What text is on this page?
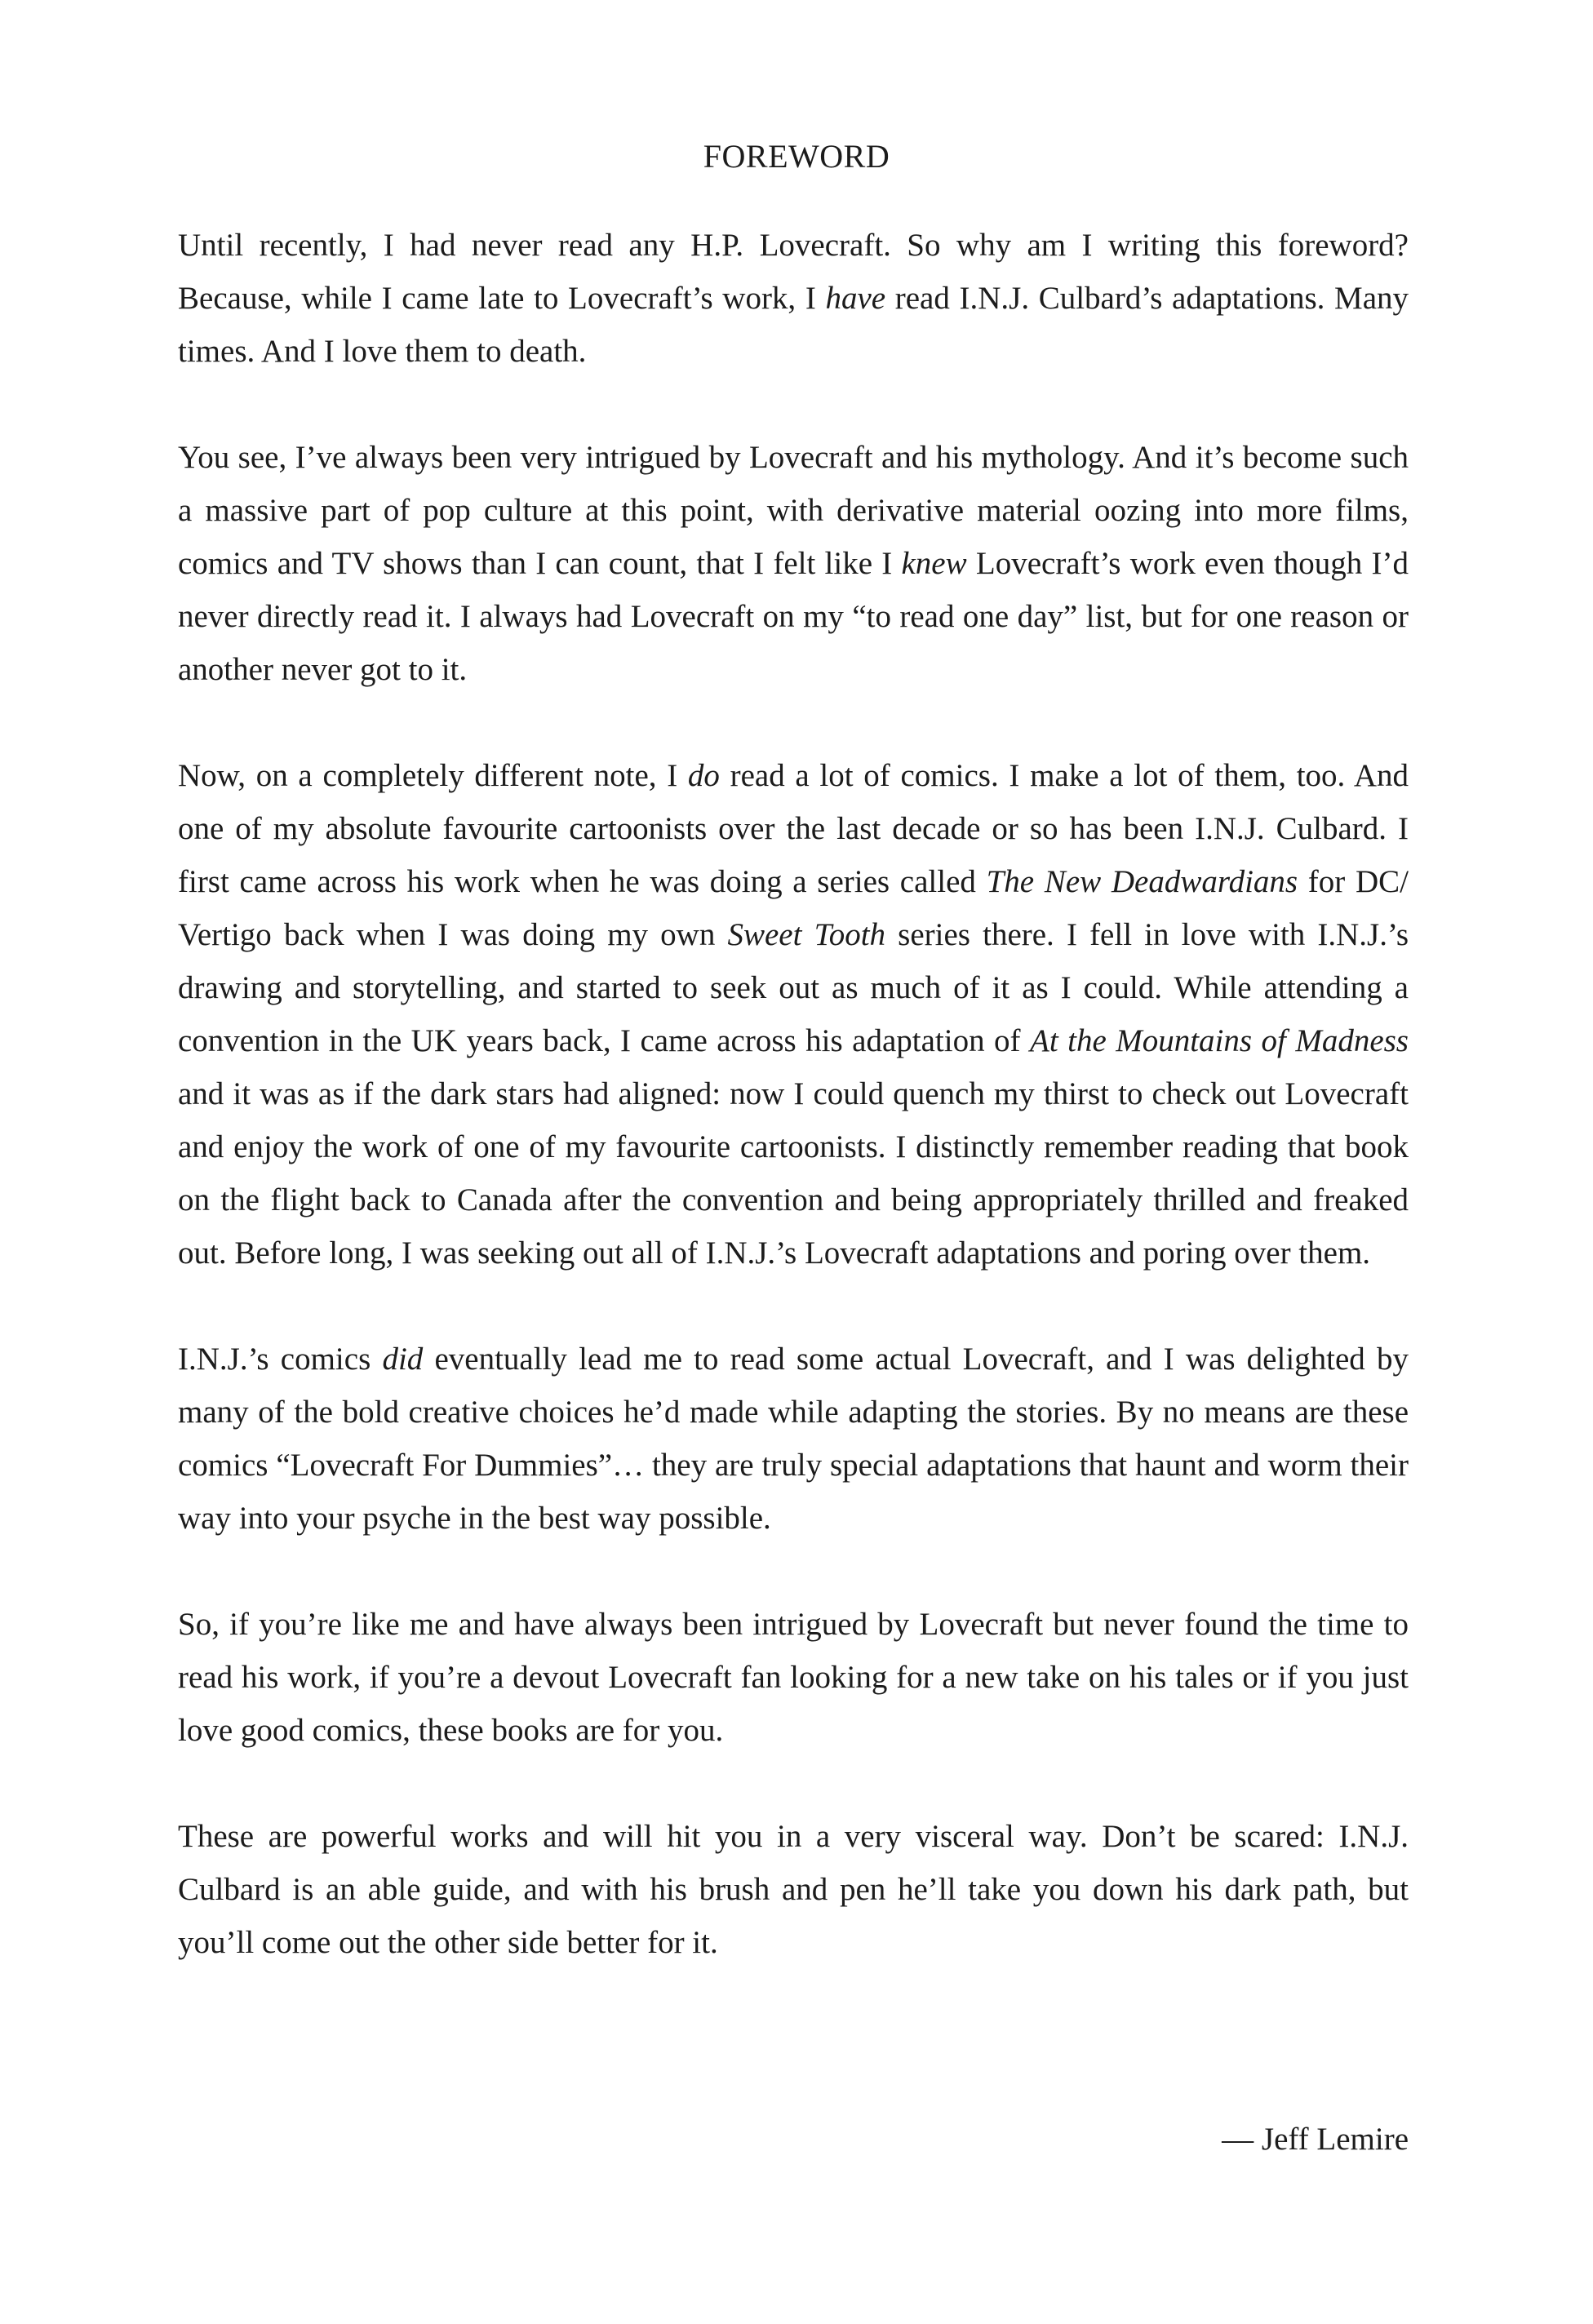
FOREWORD

Until recently, I had never read any H.P. Lovecraft. So why am I writing this foreword? Because, while I came late to Lovecraft’s work, I have read I.N.J. Culbard’s adaptations. Many times. And I love them to death.

You see, I’ve always been very intrigued by Lovecraft and his mythology. And it’s become such a massive part of pop culture at this point, with derivative material oozing into more films, comics and TV shows than I can count, that I felt like I knew Lovecraft’s work even though I’d never directly read it. I always had Lovecraft on my “to read one day” list, but for one reason or another never got to it.

Now, on a completely different note, I do read a lot of comics. I make a lot of them, too. And one of my absolute favourite cartoonists over the last decade or so has been I.N.J. Culbard. I first came across his work when he was doing a series called The New Deadwardians for DC/ Vertigo back when I was doing my own Sweet Tooth series there. I fell in love with I.N.J.’s drawing and storytelling, and started to seek out as much of it as I could. While attending a convention in the UK years back, I came across his adaptation of At the Mountains of Madness and it was as if the dark stars had aligned: now I could quench my thirst to check out Lovecraft and enjoy the work of one of my favourite cartoonists. I distinctly remember reading that book on the flight back to Canada after the convention and being appropriately thrilled and freaked out. Before long, I was seeking out all of I.N.J.’s Lovecraft adaptations and poring over them.

I.N.J.’s comics did eventually lead me to read some actual Lovecraft, and I was delighted by many of the bold creative choices he’d made while adapting the stories. By no means are these comics “Lovecraft For Dummies”… they are truly special adaptations that haunt and worm their way into your psyche in the best way possible.

So, if you’re like me and have always been intrigued by Lovecraft but never found the time to read his work, if you’re a devout Lovecraft fan looking for a new take on his tales or if you just love good comics, these books are for you.

These are powerful works and will hit you in a very visceral way. Don’t be scared: I.N.J. Culbard is an able guide, and with his brush and pen he’ll take you down his dark path, but you’ll come out the other side better for it.

— Jeff Lemire
